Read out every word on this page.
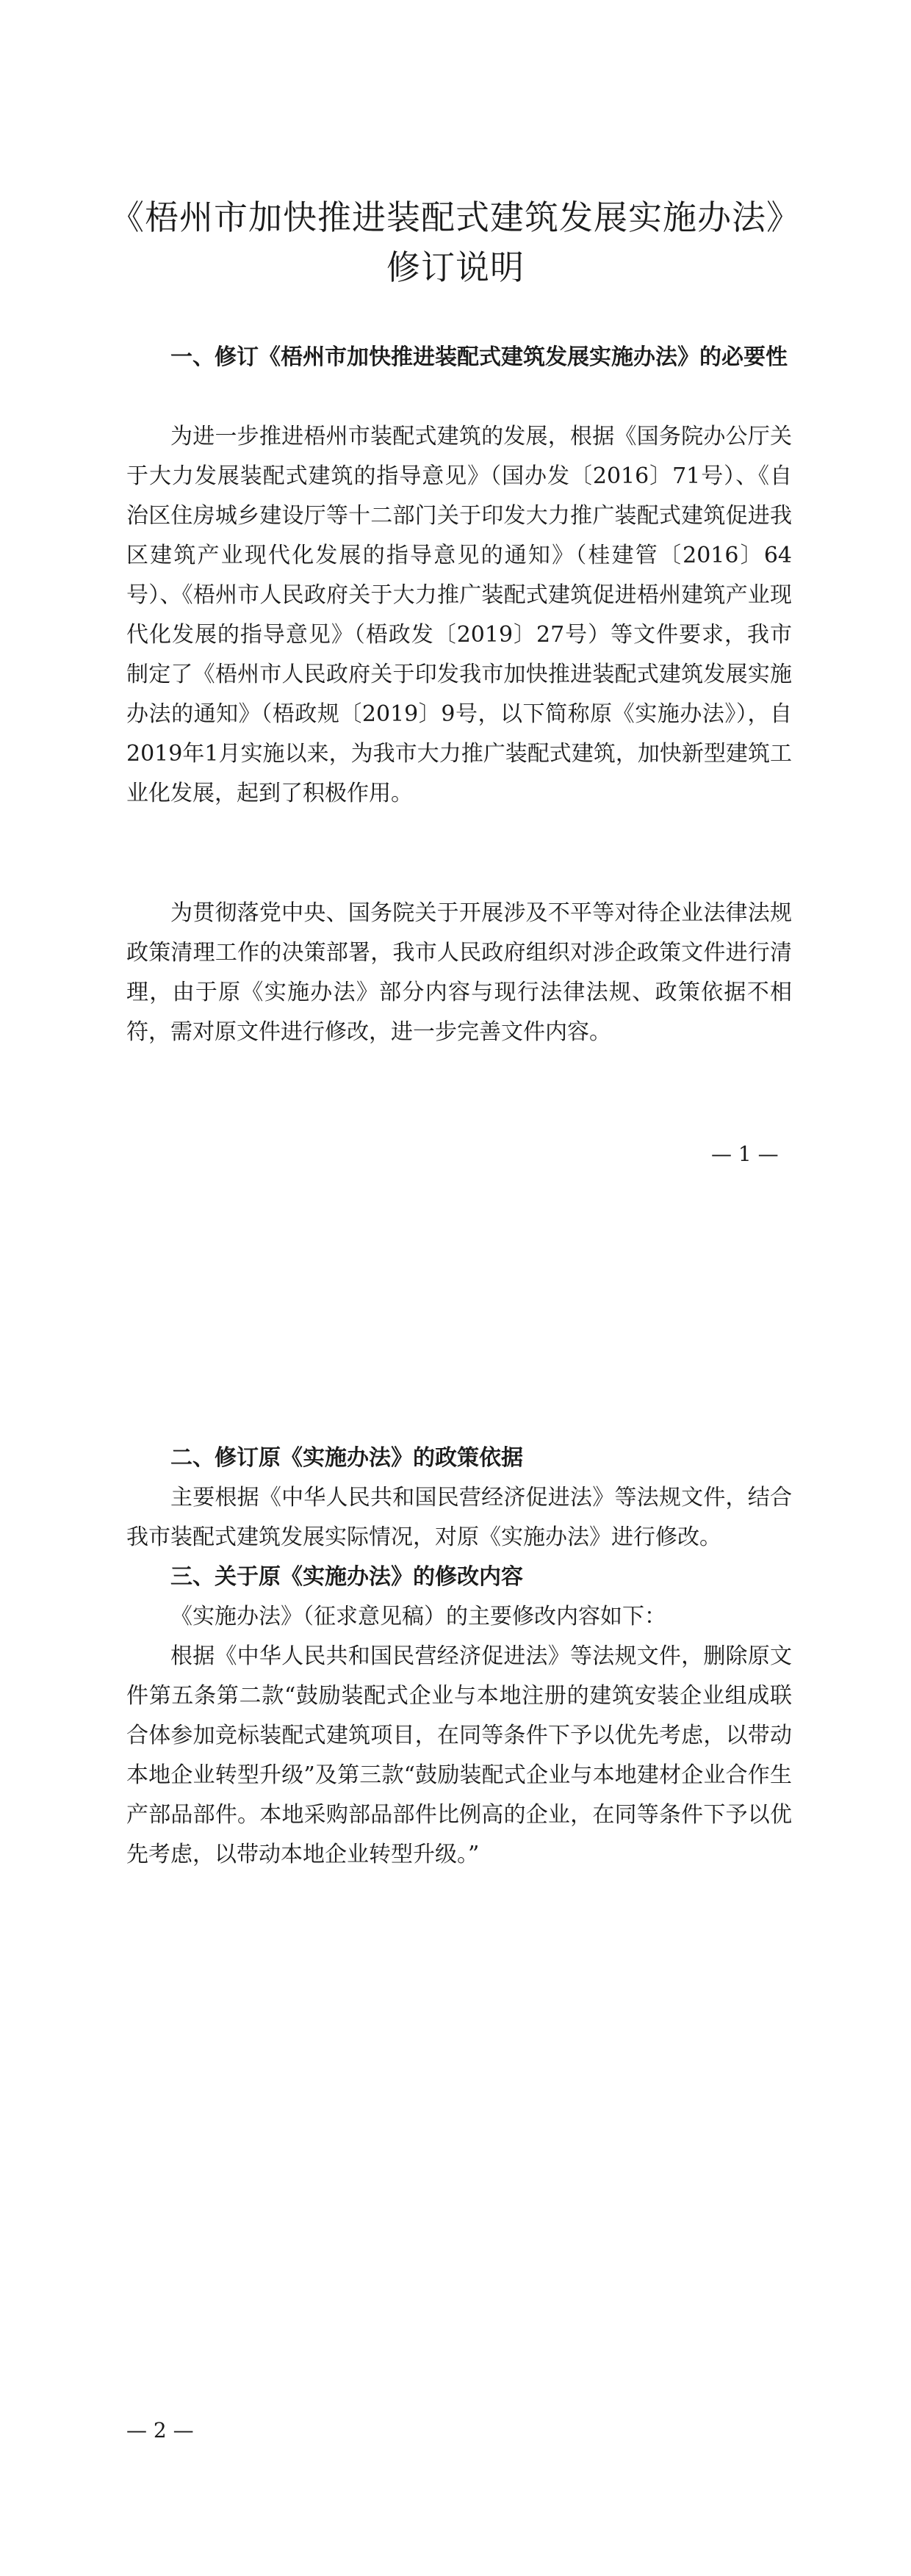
《梧州市加快推进装配式建筑发展实施办法》
修订说明

一、修订《梧州市加快推进装配式建筑发展实施办法》的必要性

为进一步推进梧州市装配式建筑的发展，根据《国务院办公厅关于大力发展装配式建筑的指导意见》（国办发〔2016〕71号）、《自治区住房城乡建设厅等十二部门关于印发大力推广装配式建筑促进我区建筑产业现代化发展的指导意见的通知》（桂建管〔2016〕64号）、《梧州市人民政府关于大力推广装配式建筑促进梧州建筑产业现代化发展的指导意见》（梧政发〔2019〕27号）等文件要求，我市制定了《梧州市人民政府关于印发我市加快推进装配式建筑发展实施办法的通知》（梧政规〔2019〕9号，以下简称原《实施办法》），自2019年1月实施以来，为我市大力推广装配式建筑，加快新型建筑工业化发展，起到了积极作用。

为贯彻落党中央、国务院关于开展涉及不平等对待企业法律法规政策清理工作的决策部署，我市人民政府组织对涉企政策文件进行清理，由于原《实施办法》部分内容与现行法律法规、政策依据不相符，需对原文件进行修改，进一步完善文件内容。

— 1 —

二、修订原《实施办法》的政策依据

主要根据《中华人民共和国民营经济促进法》等法规文件，结合我市装配式建筑发展实际情况，对原《实施办法》进行修改。

三、关于原《实施办法》的修改内容

《实施办法》（征求意见稿）的主要修改内容如下：

根据《中华人民共和国民营经济促进法》等法规文件，删除原文件第五条第二款“鼓励装配式企业与本地注册的建筑安装企业组成联合体参加竞标装配式建筑项目，在同等条件下予以优先考虑，以带动本地企业转型升级”及第三款“鼓励装配式企业与本地建材企业合作生产部品部件。本地采购部品部件比例高的企业，在同等条件下予以优先考虑，以带动本地企业转型升级。”

— 2 —
